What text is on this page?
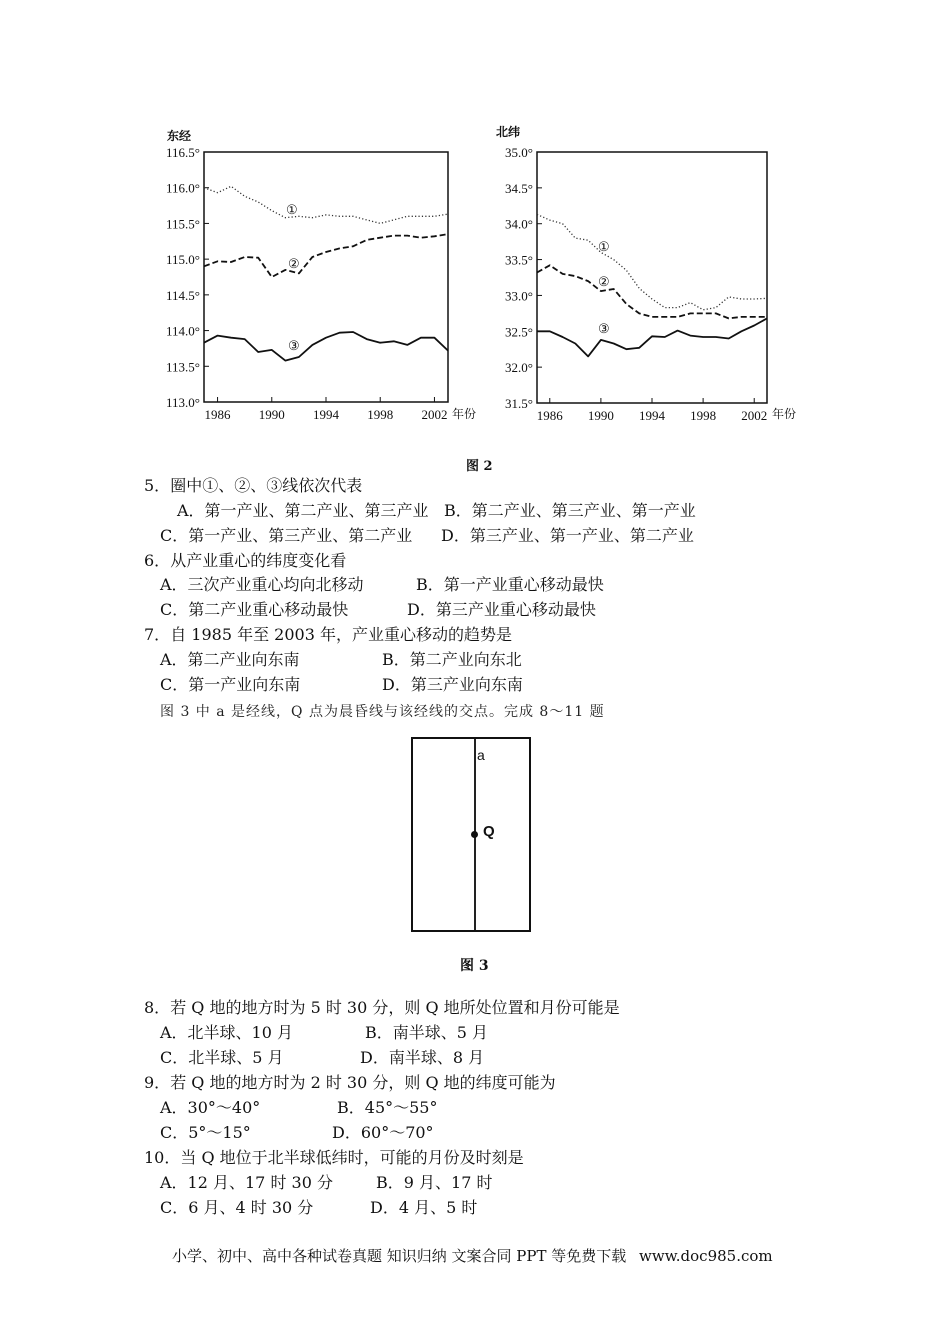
东经
113.0°
113.5°
114.0°
114.5°
115.0°
115.5°
116.0°
116.5°
1986 1990 1994 1998 2002 年份
①
②
③
北纬
31.5°
32.0°
32.5°
33.0°
33.5°
34.0°
34.5°
35.0°
1986 1990 1994 1998 2002 年份
①
②
③
图 2
5．圈中①、②、③线依次代表
A．第一产业、第二产业、第三产业 B．第二产业、第三产业、第一产业
C．第一产业、第三产业、第二产业 D．第三产业、第一产业、第二产业
6．从产业重心的纬度变化看
A．三次产业重心均向北移动	B．第一产业重心移动最快
C．第二产业重心移动最快	D．第三产业重心移动最快
7．自 1985 年至 2003 年，产业重心移动的趋势是
A．第二产业向东南	B．第二产业向东北
C．第一产业向东南	D．第三产业向东南
图 3 中 a 是经线，Q 点为晨昏线与该经线的交点。完成 8～11 题
a
Q
图 3
8．若 Q 地的地方时为 5 时 30 分，则 Q 地所处位置和月份可能是
A．北半球、10 月	B．南半球、5 月
C．北半球、5 月	D．南半球、8 月
9．若 Q 地的地方时为 2 时 30 分，则 Q 地的纬度可能为
A．30°～40°	B．45°～55°
C．5°～15°	D．60°～70°
10．当 Q 地位于北半球低纬时，可能的月份及时刻是
A．12 月、17 时 30 分	B．9 月、17 时
C．6 月、4 时 30 分	D．4 月、5 时
小学、初中、高中各种试卷真题 知识归纳 文案合同 PPT 等免费下载 www.doc985.com
